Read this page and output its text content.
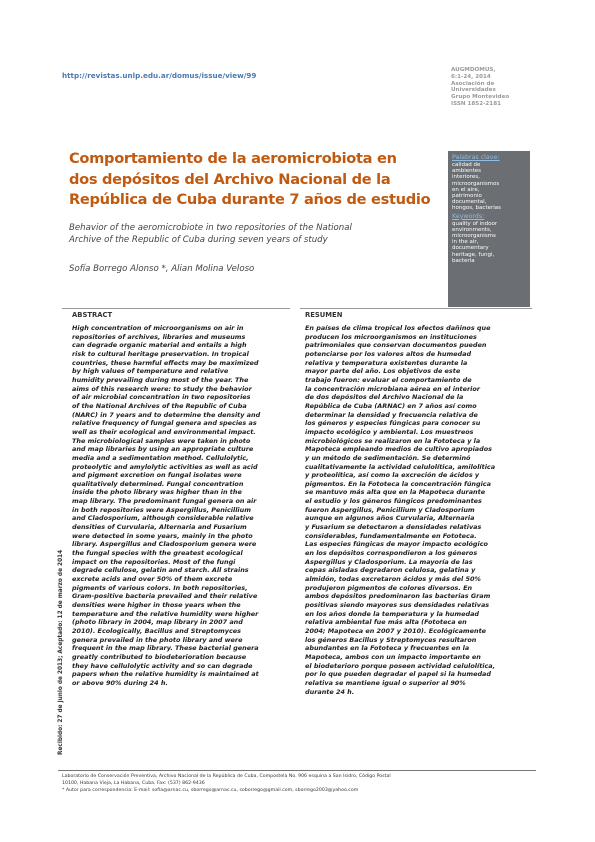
http://revistas.unlp.edu.ar/domus/issue/view/99
AUGMDOMUS,
6:1-24, 2014
Asociación de
Universidades
Grupo Montevideo
ISSN 1852-2181
Comportamiento de la aeromicrobiota en
dos depósitos del Archivo Nacional de la
República de Cuba durante 7 años de estudio
Behavior of the aeromicrobiote in two repositories of the National
Archive of the Republic of Cuba during seven years of study
Sofía Borrego Alonso *, Alian Molina Veloso
Palabras clave:
calidad de
ambientes
interiores,
microorganismos
en el aire,
patrimonio
documental,
hongos, bacterias
Keywords:
quality of indoor
environments,
microorganisms
in the air,
documentary
heritage, fungi,
bacteria
ABSTRACT	RESUMEN
High concentration of microorganisms on air in
repositories of archives, libraries and museums
can degrade organic material and entails a high
risk to cultural heritage preservation. In tropical
countries, these harmful effects may be maximized
by high values of temperature and relative
humidity prevailing during most of the year. The
aims of this research were: to study the behavior
of air microbial concentration in two repositories
of the National Archives of the Republic of Cuba
(NARC) in 7 years and to determine the density and
relative frequency of fungal genera and species as
well as their ecological and environmental impact.
The microbiological samples were taken in photo
and map libraries by using an appropriate culture
media and a sedimentation method. Cellulolytic,
proteolytic and amylolytic activities as well as acid
and pigment excretion on fungal isolates were
qualitatively determined. Fungal concentration
inside the photo library was higher than in the
map library. The predominant fungal genera on air
in both repositories were Aspergillus, Penicillium
and Cladosporium, although considerable relative
densities of Curvularia, Alternaria and Fusarium
were detected in some years, mainly in the photo
library. Aspergillus and Cladosporium genera were
the fungal species with the greatest ecological
impact on the repositories. Most of the fungi
degrade cellulose, gelatin and starch. All strains
excrete acids and over 50% of them excrete
pigments of various colors. In both repositories,
Gram-positive bacteria prevailed and their relative
densities were higher in those years when the
temperature and the relative humidity were higher
(photo library in 2004, map library in 2007 and
2010). Ecologically, Bacillus and Streptomyces
genera prevailed in the photo library and were
frequent in the map library. These bacterial genera
greatly contributed to biodeterioration because
they have cellulolytic activity and so can degrade
papers when the relative humidity is maintained at
or above 90% during 24 h.
En países de clima tropical los efectos dañinos que
producen los microorganismos en instituciones
patrimoniales que conservan documentos pueden
potenciarse por los valores altos de humedad
relativa y temperatura existentes durante la
mayor parte del año. Los objetivos de este
trabajo fueron: evaluar el comportamiento de
la concentración microbiana aérea en el interior
de dos depósitos del Archivo Nacional de la
República de Cuba (ARNAC) en 7 años así como
determinar la densidad y frecuencia relativa de
los géneros y especies fúngicas para conocer su
impacto ecológico y ambiental. Los muestreos
microbiológicos se realizaron en la Fototeca y la
Mapoteca empleando medios de cultivo apropiados
y un método de sedimentación. Se determinó
cualitativamente la actividad celulolítica, amilolítica
y proteolítica, así como la excreción de ácidos y
pigmentos. En la Fototeca la concentración fúngica
se mantuvo más alta que en la Mapoteca durante
el estudio y los géneros fúngicos predominantes
fueron Aspergillus, Penicillium y Cladosporium
aunque en algunos años Curvularia, Alternaria
y Fusarium se detectaron a densidades relativas
considerables, fundamentalmente en Fototeca.
Las especies fúngicas de mayor impacto ecológico
en los depósitos correspondieron a los géneros
Aspergillus y Cladosporium. La mayoría de las
cepas aisladas degradaron celulosa, gelatina y
almidón, todas excretaron ácidos y más del 50%
produjeron pigmentos de colores diversos. En
ambos depósitos predominaron las bacterias Gram
positivas siendo mayores sus densidades relativas
en los años donde la temperatura y la humedad
relativa ambiental fue más alta (Fototeca en
2004; Mapoteca en 2007 y 2010). Ecológicamente
los géneros Bacillus y Streptomyces resultaron
abundantes en la Fototeca y frecuentes en la
Mapoteca, ambos con un impacto importante en
el biodeterioro porque poseen actividad celulolítica,
por lo que pueden degradar el papel si la humedad
relativa se mantiene igual o superior al 90%
durante 24 h.
Recibido: 27 de junio de 2013; Aceptado: 12 de marzo de 2014
Laboratorio de Conservación Preventiva, Archivo Nacional de la República de Cuba, Compostela No. 906 esquina a San Isidro, Código Postal
10100, Habana Vieja, La Habana, Cuba. Fax: (537) 862-9436
* Autor para correspondencia: E-mail: sofia@arnac.cu, sborrego@arnac.cu, soborrego@gmail.com, sborrego2003@yahoo.com
